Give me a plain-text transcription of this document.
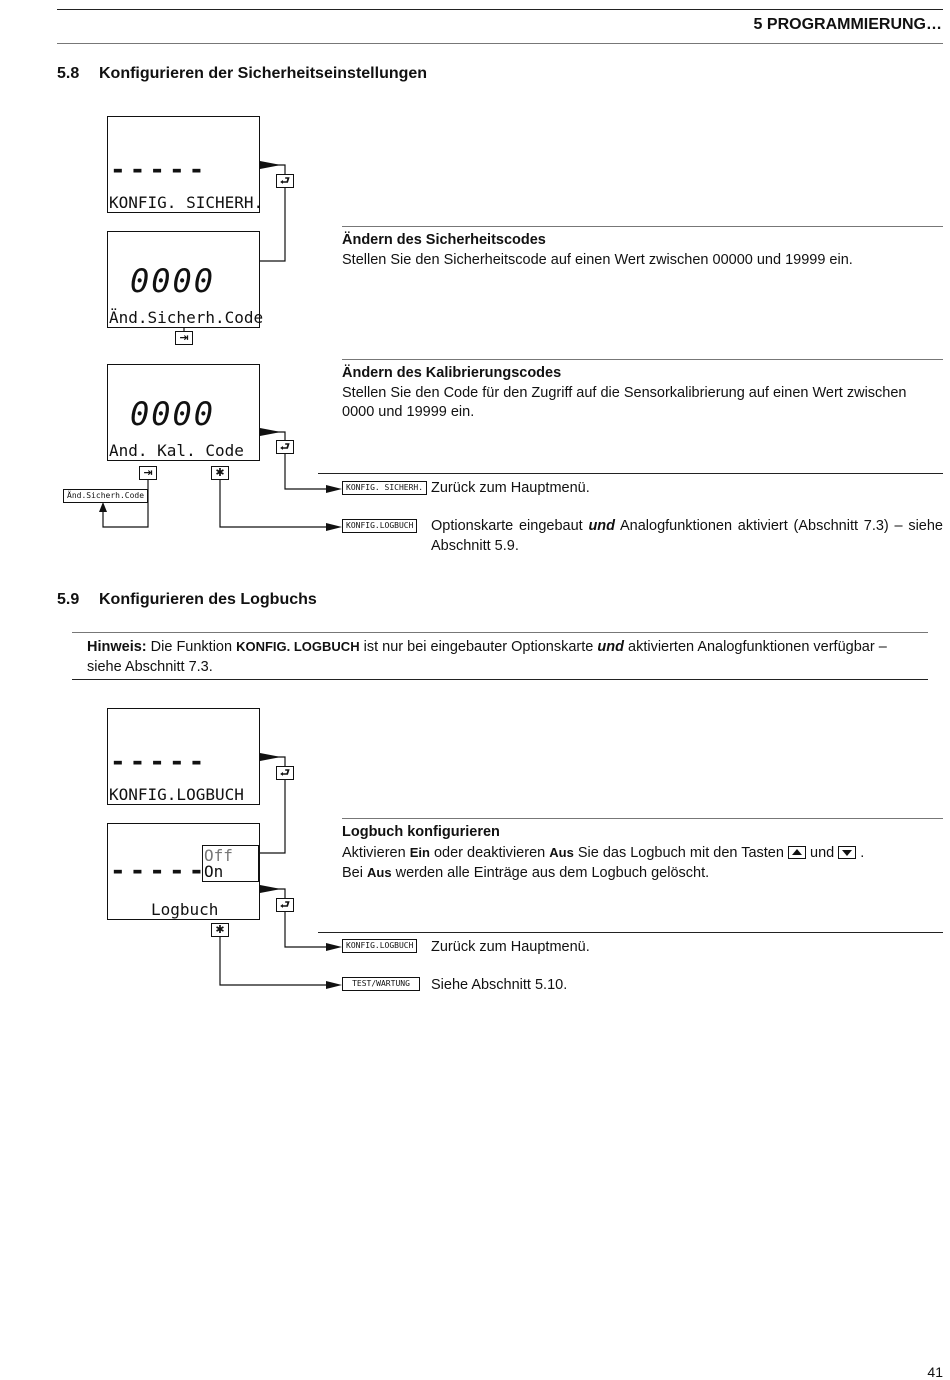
5 PROGRAMMIERUNG…
5.8 Konfigurieren der Sicherheitseinstellungen
-----
KONFIG. SICHERH.
⮐
0000
Änd.Sicherh.Code
⇥
0000
And. Kal. Code	⮐
⇥	✱
Änd.Sicherh.Code
Ändern des Sicherheitscodes
Stellen Sie den Sicherheitscode auf einen Wert zwischen 00000 und 19999 ein.
Ändern des Kalibrierungscodes
Stellen Sie den Code für den Zugriff auf die Sensorkalibrierung auf einen Wert zwischen 0000 und 19999 ein.
KONFIG. SICHERH. Zurück zum Hauptmenü.
KONFIG.LOGBUCH Optionskarte eingebaut und Analogfunktionen aktiviert (Abschnitt 7.3) – siehe Abschnitt 5.9.
5.9 Konfigurieren des Logbuchs
Hinweis: Die Funktion KONFIG. LOGBUCH ist nur bei eingebauter Optionskarte und aktivierten Analogfunktionen verfügbar – siehe Abschnitt 7.3.
-----
KONFIG.LOGBUCH
⮐
-----
Off
On
Logbuch	⮐
✱
Logbuch konfigurieren
Aktivieren Ein oder deaktivieren Aus Sie das Logbuch mit den Tasten und .
Bei Aus werden alle Einträge aus dem Logbuch gelöscht.
KONFIG.LOGBUCH Zurück zum Hauptmenü.
TEST/WARTUNG	Siehe Abschnitt 5.10.
41
